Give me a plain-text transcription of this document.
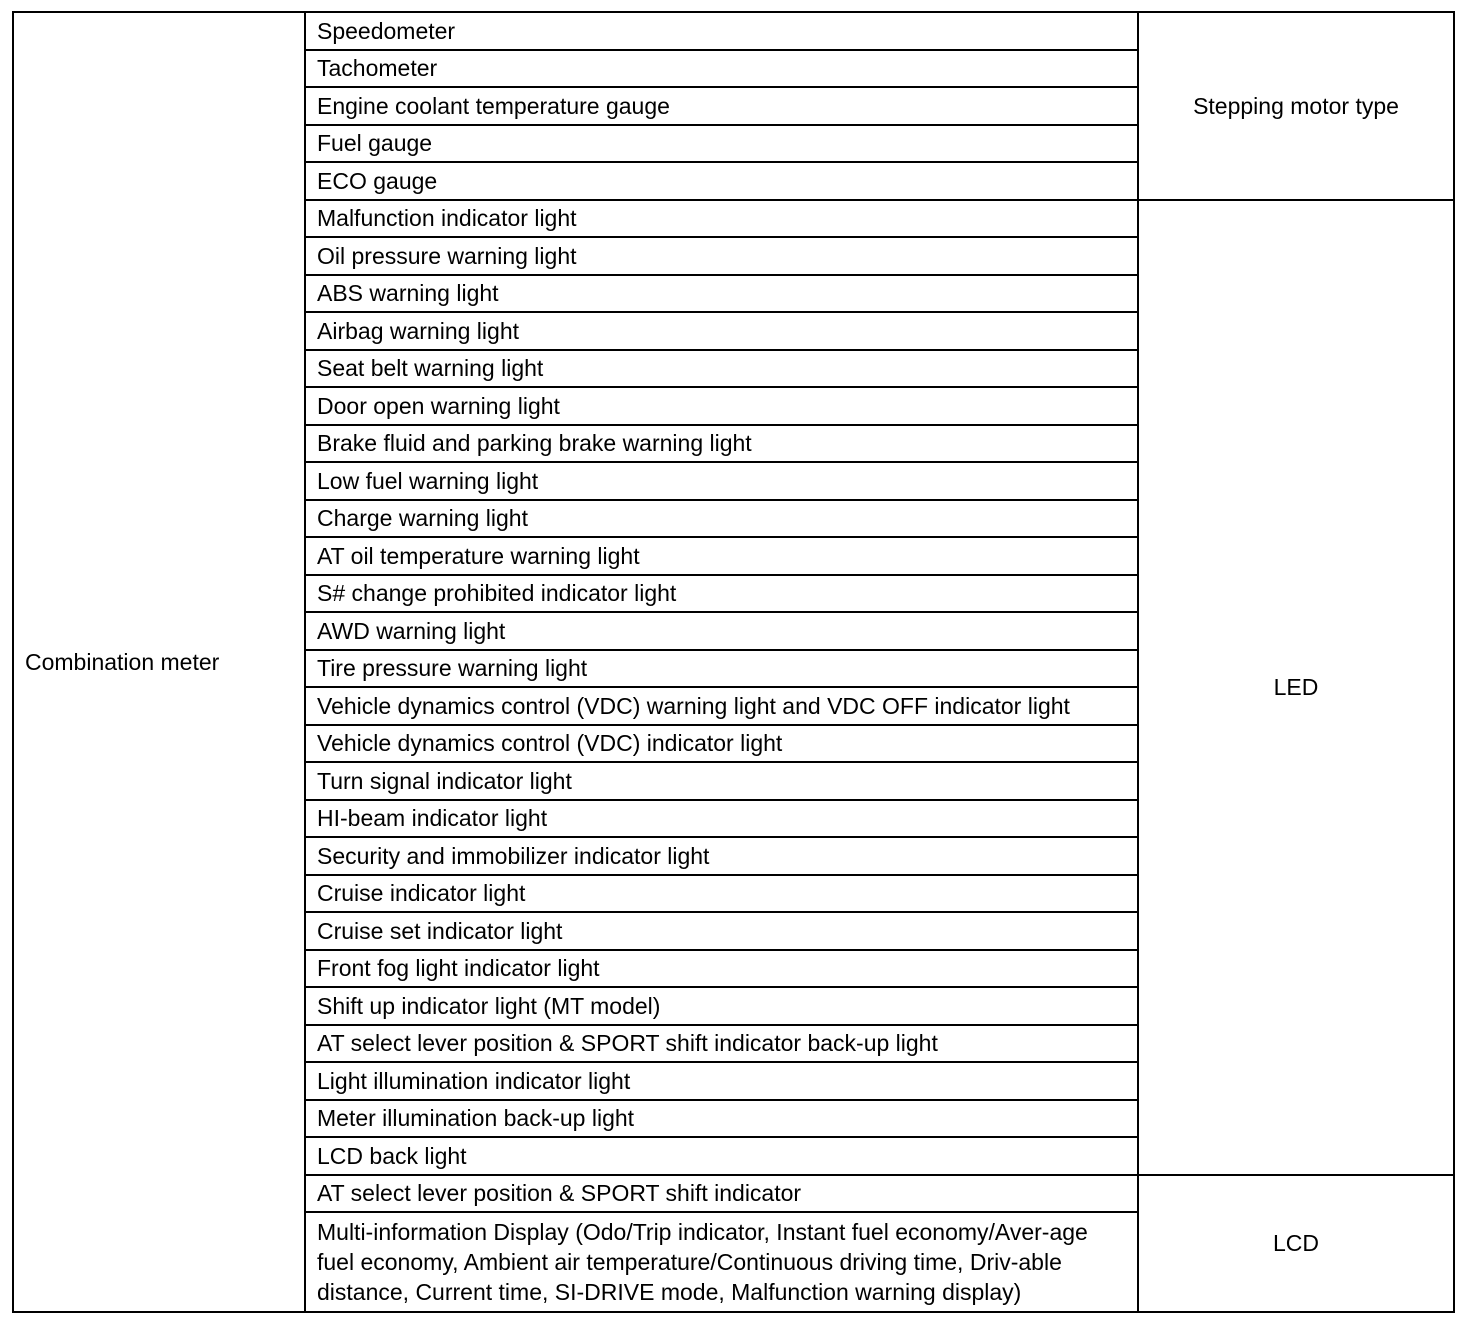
Combination meter	Speedometer	Stepping motor type
	Tachometer	
	Engine coolant temperature gauge	
	Fuel gauge	
	ECO gauge	
	Malfunction indicator light	LED
	Oil pressure warning light	
	ABS warning light	
	Airbag warning light	
	Seat belt warning light	
	Door open warning light	
	Brake fluid and parking brake warning light	
	Low fuel warning light	
	Charge warning light	
	AT oil temperature warning light	
	S# change prohibited indicator light	
	AWD warning light	
	Tire pressure warning light	
	Vehicle dynamics control (VDC) warning light and VDC OFF indicator light	
	Vehicle dynamics control (VDC) indicator light	
	Turn signal indicator light	
	HI-beam indicator light	
	Security and immobilizer indicator light	
	Cruise indicator light	
	Cruise set indicator light	
	Front fog light indicator light	
	Shift up indicator light (MT model)	
	AT select lever position & SPORT shift indicator back-up light	
	Light illumination indicator light	
	Meter illumination back-up light	
	LCD back light	
	AT select lever position & SPORT shift indicator	LCD
	Multi-information Display (Odo/Trip indicator, Instant fuel economy/Aver-age fuel economy, Ambient air temperature/Continuous driving time, Driv-able distance, Current time, SI-DRIVE mode, Malfunction warning display)	
